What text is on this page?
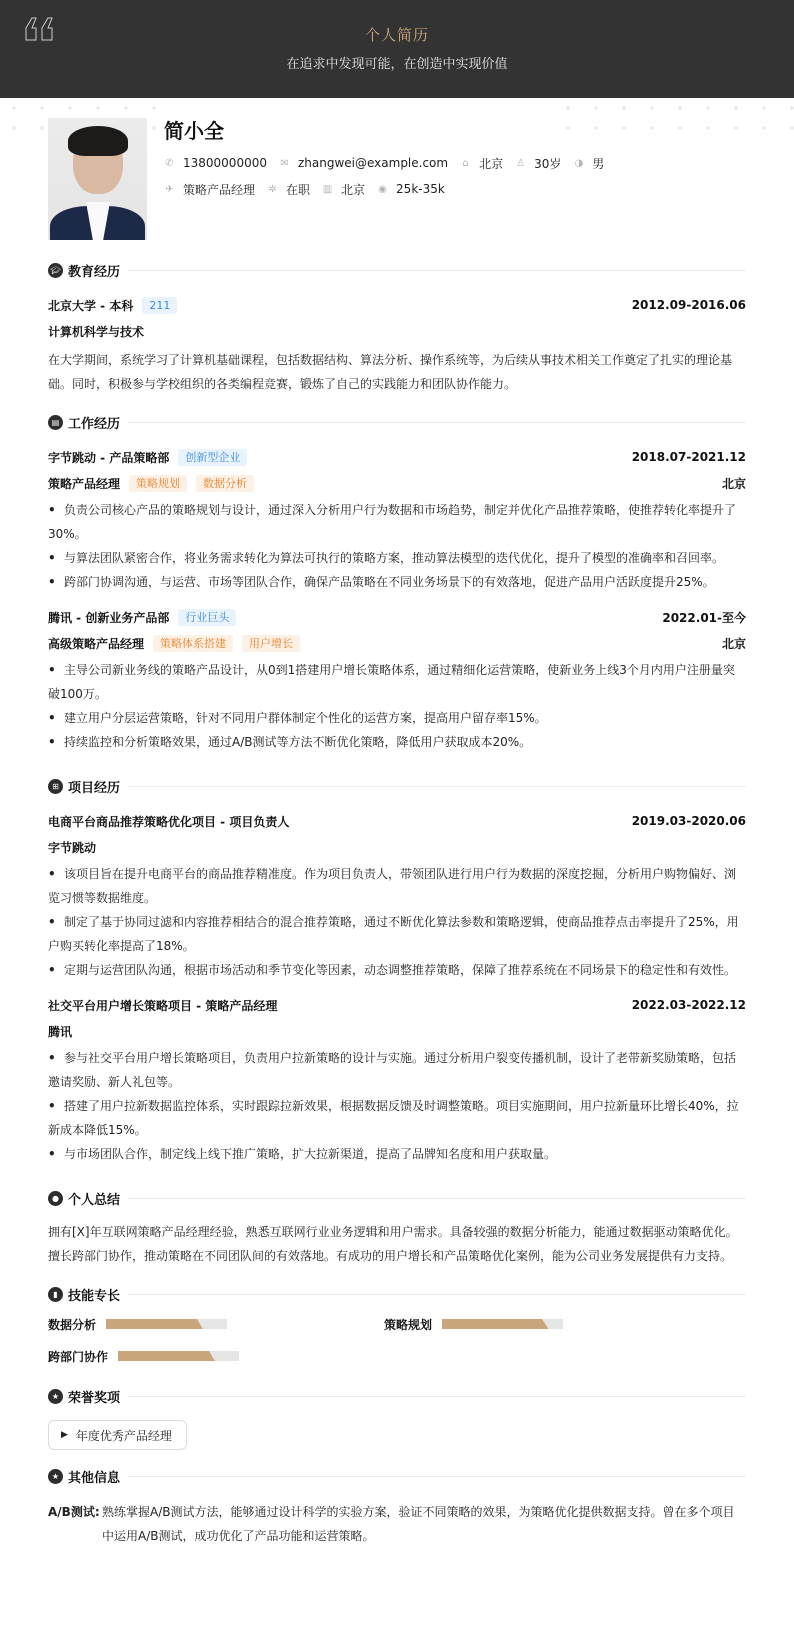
个人简历
在追求中发现可能，在创造中实现价值
简小全
✆ 13800000000 ✉ zhangwei@example.com ⌂ 北京 ♙ 30岁 ◑ 男
✈ 策略产品经理 ✲ 在职 ▥ 北京 ◉ 25k-35k
🎓︎ 教育经历
北京大学 - 本科	211	2012.09-2016.06
计算机科学与技术
在大学期间，系统学习了计算机基础课程，包括数据结构、算法分析、操作系统等，为后续从事技术相关工作奠定了扎实的理论基础。同时，积极参与学校组织的各类编程竞赛，锻炼了自己的实践能力和团队协作能力。
▤ 工作经历
字节跳动 - 产品策略部	创新型企业	2018.07-2021.12
策略产品经理	策略规划	数据分析	北京
• 负责公司核心产品的策略规划与设计，通过深入分析用户行为数据和市场趋势，制定并优化产品推荐策略，使推荐转化率提升了30%。
• 与算法团队紧密合作，将业务需求转化为算法可执行的策略方案，推动算法模型的迭代优化，提升了模型的准确率和召回率。
• 跨部门协调沟通，与运营、市场等团队合作，确保产品策略在不同业务场景下的有效落地，促进产品用户活跃度提升25%。
腾讯 - 创新业务产品部	行业巨头	2022.01-至今
高级策略产品经理	策略体系搭建	用户增长	北京
• 主导公司新业务线的策略产品设计，从0到1搭建用户增长策略体系，通过精细化运营策略，使新业务上线3个月内用户注册量突破100万。
• 建立用户分层运营策略，针对不同用户群体制定个性化的运营方案，提高用户留存率15%。
• 持续监控和分析策略效果，通过A/B测试等方法不断优化策略，降低用户获取成本20%。
⊞ 项目经历
电商平台商品推荐策略优化项目 - 项目负责人	2019.03-2020.06
字节跳动
• 该项目旨在提升电商平台的商品推荐精准度。作为项目负责人，带领团队进行用户行为数据的深度挖掘，分析用户购物偏好、浏览习惯等数据维度。
• 制定了基于协同过滤和内容推荐相结合的混合推荐策略，通过不断优化算法参数和策略逻辑，使商品推荐点击率提升了25%，用户购买转化率提高了18%。
• 定期与运营团队沟通，根据市场活动和季节变化等因素，动态调整推荐策略，保障了推荐系统在不同场景下的稳定性和有效性。
社交平台用户增长策略项目 - 策略产品经理	2022.03-2022.12
腾讯
• 参与社交平台用户增长策略项目，负责用户拉新策略的设计与实施。通过分析用户裂变传播机制，设计了老带新奖励策略，包括邀请奖励、新人礼包等。
• 搭建了用户拉新数据监控体系，实时跟踪拉新效果，根据数据反馈及时调整策略。项目实施期间，用户拉新量环比增长40%，拉新成本降低15%。
• 与市场团队合作，制定线上线下推广策略，扩大拉新渠道，提高了品牌知名度和用户获取量。
● 个人总结
拥有[X]年互联网策略产品经理经验，熟悉互联网行业业务逻辑和用户需求。具备较强的数据分析能力，能通过数据驱动策略优化。擅长跨部门协作，推动策略在不同团队间的有效落地。有成功的用户增长和产品策略优化案例，能为公司业务发展提供有力支持。
▮ 技能专长
数据分析	策略规划
跨部门协作
★ 荣誉奖项
▶ 年度优秀产品经理
★ 其他信息
A/B测试: 熟练掌握A/B测试方法，能够通过设计科学的实验方案，验证不同策略的效果，为策略优化提供数据支持。曾在多个项目中运用A/B测试，成功优化了产品功能和运营策略。
